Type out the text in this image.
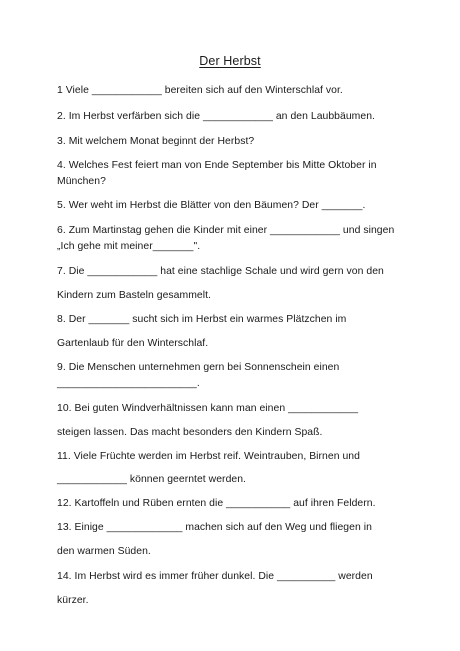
Der Herbst
1 Viele ____________ bereiten sich auf den Winterschlaf vor.
2. Im Herbst verfärben sich die ____________ an den Laubbäumen.
3. Mit welchem Monat beginnt der Herbst?
4. Welches Fest feiert man von Ende September bis Mitte Oktober in
München?
5. Wer weht im Herbst die Blätter von den Bäumen? Der _______.
6. Zum Martinstag gehen die Kinder mit einer ____________ und singen
„Ich gehe mit meiner_______".
7. Die ____________ hat eine stachlige Schale und wird gern von den
Kindern zum Basteln gesammelt.
8. Der _______ sucht sich im Herbst ein warmes Plätzchen im
Gartenlaub für den Winterschlaf.
9. Die Menschen unternehmen gern bei Sonnenschein einen
________________________.
10. Bei guten Windverhältnissen kann man einen ____________
steigen lassen. Das macht besonders den Kindern Spaß.
11. Viele Früchte werden im Herbst reif. Weintrauben, Birnen und
____________ können geerntet werden.
12. Kartoffeln und Rüben ernten die ___________ auf ihren Feldern.
13. Einige _____________ machen sich auf den Weg und fliegen in
den warmen Süden.
14. Im Herbst wird es immer früher dunkel. Die __________ werden
kürzer.
